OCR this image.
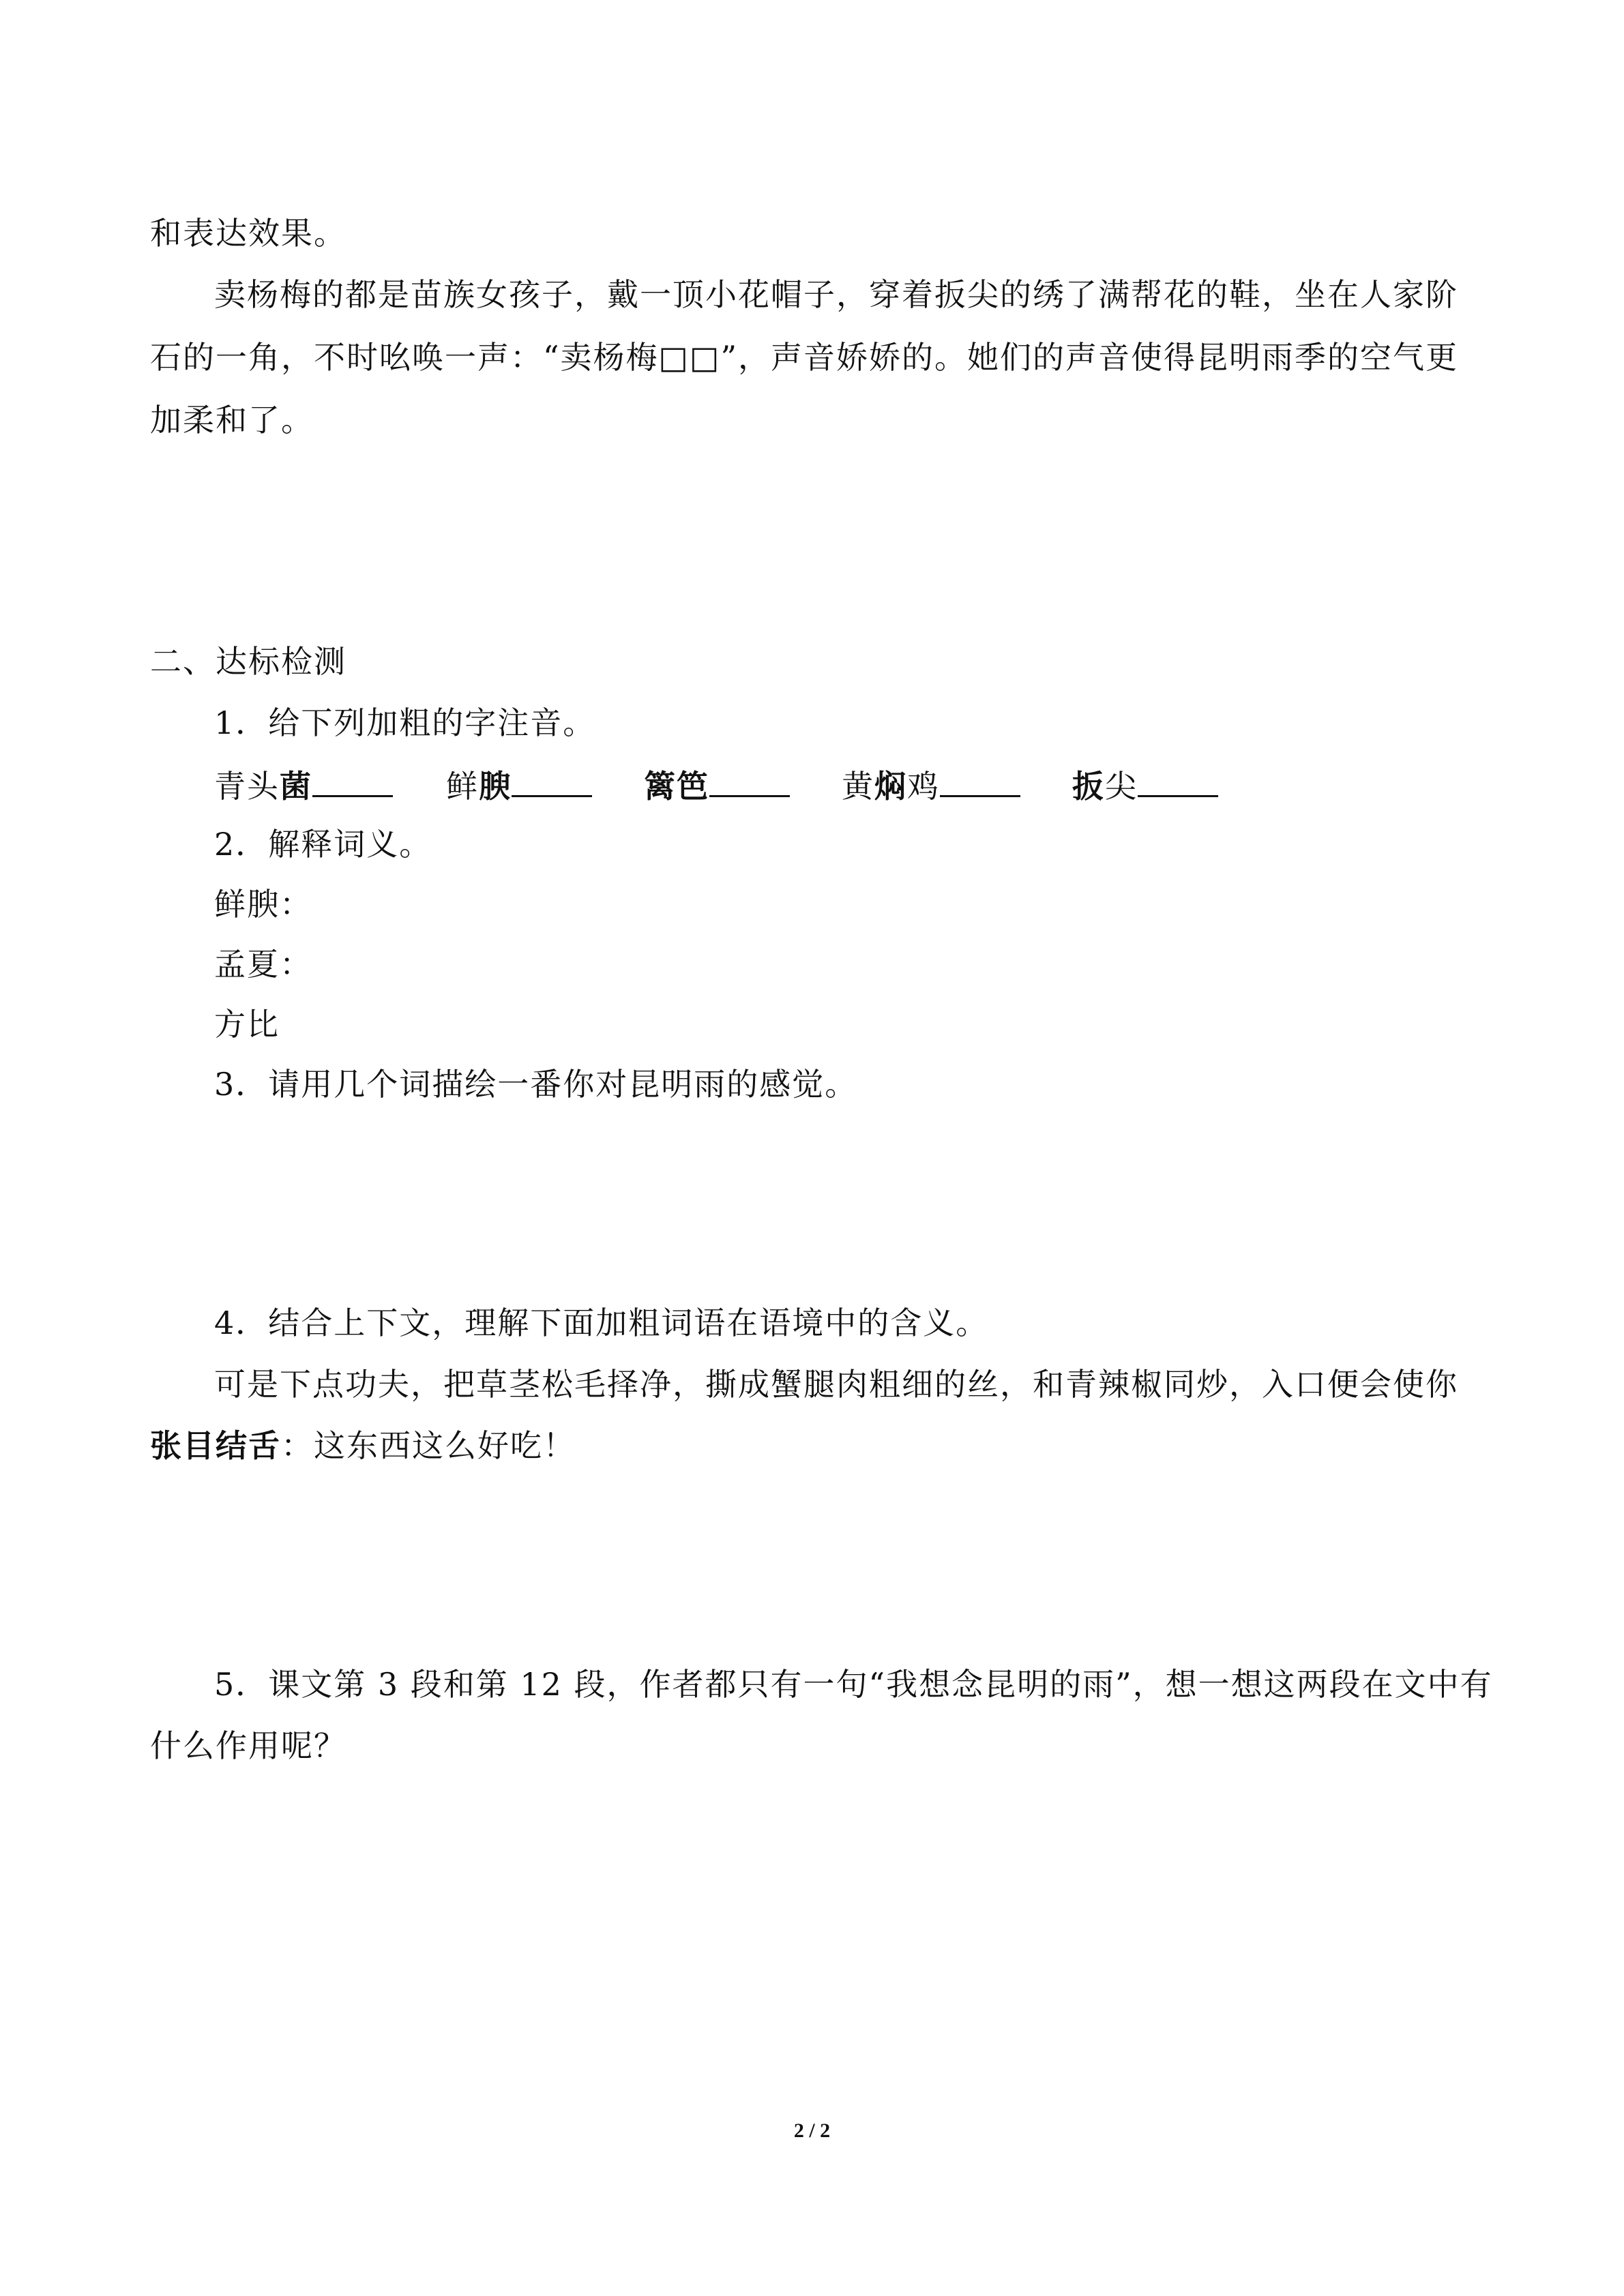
和表达效果。
卖杨梅的都是苗族女孩子，戴一顶小花帽子，穿着扳尖的绣了满帮花的鞋，坐在人家阶
石的一角，不时吆唤一声：“卖杨梅□□”，声音娇娇的。她们的声音使得昆明雨季的空气更
加柔和了。
二、达标检测
1．给下列加粗的字注音。
青头菌	鲜腴	篱笆	黄焖鸡	扳尖
2．解释词义。
鲜腴：
孟夏：
方比
3．请用几个词描绘一番你对昆明雨的感觉。
4．结合上下文，理解下面加粗词语在语境中的含义。
可是下点功夫，把草茎松毛择净，撕成蟹腿肉粗细的丝，和青辣椒同炒，入口便会使你
张目结舌：这东西这么好吃！
5．课文第 3 段和第 12 段，作者都只有一句“我想念昆明的雨”，想一想这两段在文中有
什么作用呢？
2 / 2
